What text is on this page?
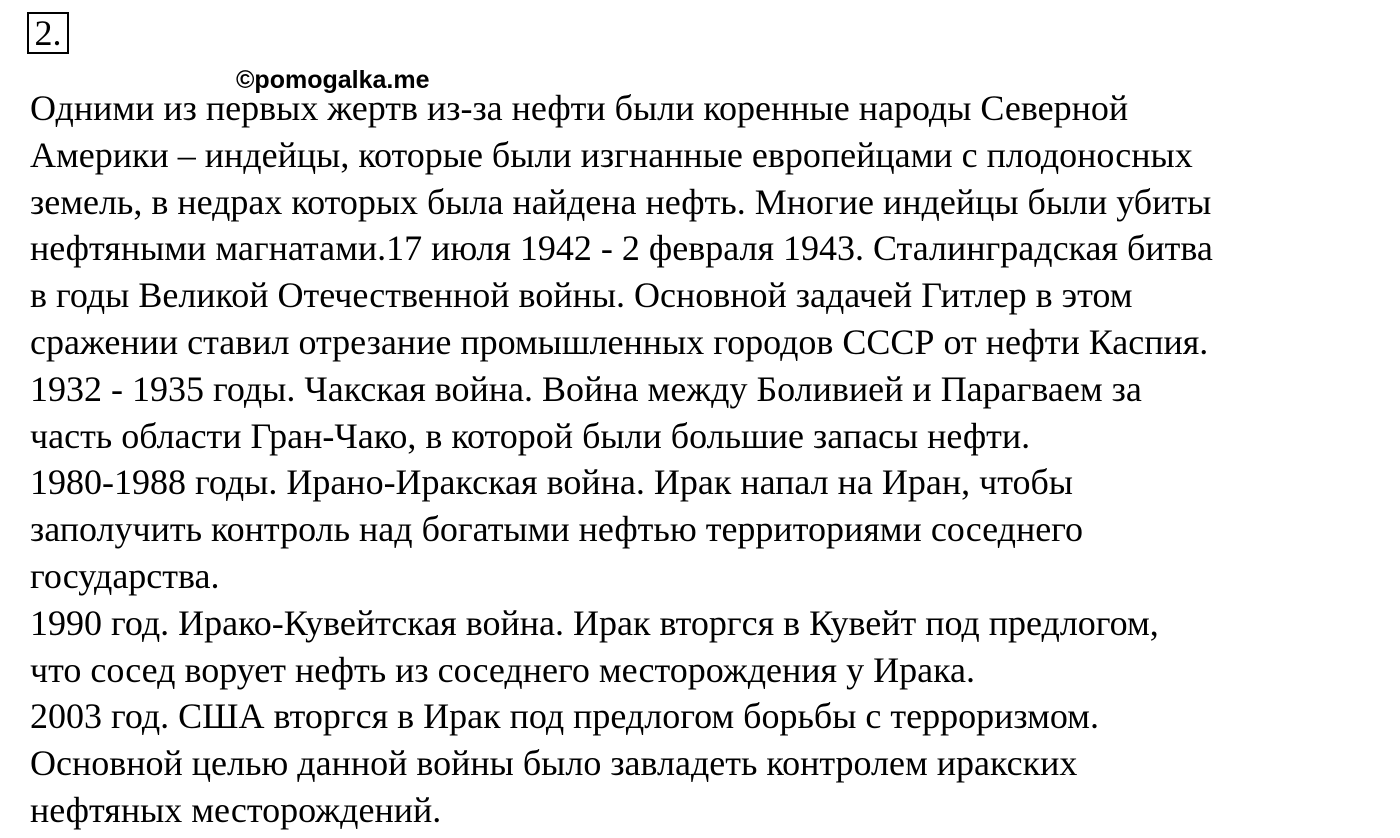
2.
Одними из первых жертв из-за нефти были коренные народы Северной
Америки – индейцы, которые были изгнанные европейцами с плодоносных
земель, в недрах которых была найдена нефть. Многие индейцы были убиты
нефтяными магнатами.17 июля 1942 - 2 февраля 1943. Сталинградская битва
в годы Великой Отечественной войны. Основной задачей Гитлер в этом
сражении ставил отрезание промышленных городов СССР от нефти Каспия.
1932 - 1935 годы. Чакская война. Война между Боливией и Парагваем за
часть области Гран-Чако, в которой были большие запасы нефти.
1980-1988 годы. Ирано-Иракская война. Ирак напал на Иран, чтобы
заполучить контроль над богатыми нефтью территориями соседнего
государства.
1990 год. Ирако-Кувейтская война. Ирак вторгся в Кувейт под предлогом,
что сосед ворует нефть из соседнего месторождения у Ирака.
2003 год. США вторгся в Ирак под предлогом борьбы с терроризмом.
Основной целью данной войны было завладеть контролем иракских
нефтяных месторождений.
©pomogalka.me
